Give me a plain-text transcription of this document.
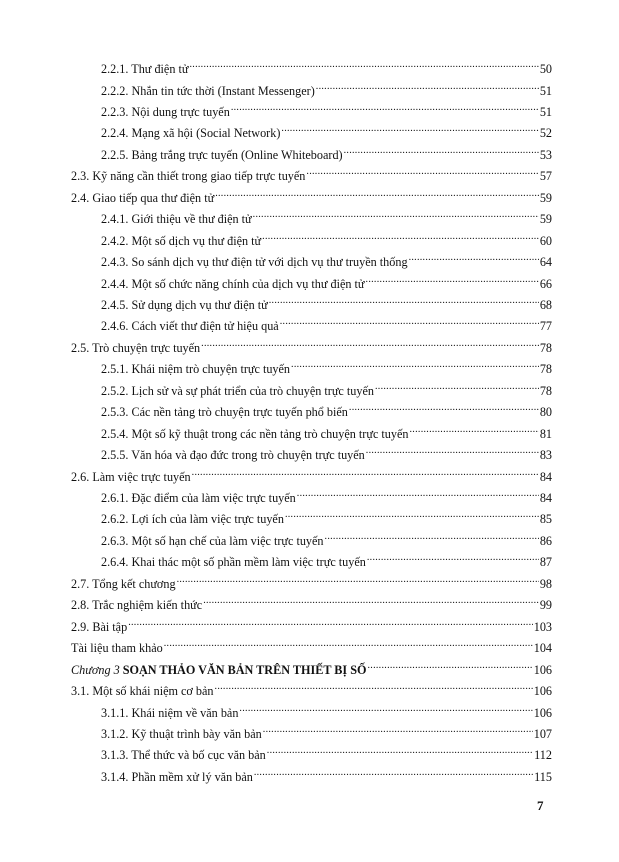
2.2.1. Thư điện tử .....	50
2.2.2. Nhắn tin tức thời (Instant Messenger) .....	51
2.2.3. Nội dung trực tuyến .....	51
2.2.4. Mạng xã hội (Social Network) .....	52
2.2.5. Bảng trắng trực tuyến (Online Whiteboard) .....	53
2.3. Kỹ năng cần thiết trong giao tiếp trực tuyến .....	57
2.4. Giao tiếp qua thư điện tử .....	59
2.4.1. Giới thiệu về thư điện tử .....	59
2.4.2. Một số dịch vụ thư điện tử .....	60
2.4.3. So sánh dịch vụ thư điện tử với dịch vụ thư truyền thống .....	64
2.4.4. Một số chức năng chính của dịch vụ thư điện tử .....	66
2.4.5. Sử dụng dịch vụ thư điện tử .....	68
2.4.6. Cách viết thư điện tử hiệu quả .....	77
2.5. Trò chuyện trực tuyến .....	78
2.5.1. Khái niệm trò chuyện trực tuyến .....	78
2.5.2. Lịch sử và sự phát triển của trò chuyện trực tuyến .....	78
2.5.3. Các nền tảng trò chuyện trực tuyến phổ biến .....	80
2.5.4. Một số kỹ thuật trong các nền tảng trò chuyện trực tuyến .....	81
2.5.5. Văn hóa và đạo đức trong trò chuyện trực tuyến .....	83
2.6. Làm việc trực tuyến .....	84
2.6.1. Đặc điểm của làm việc trực tuyến .....	84
2.6.2. Lợi ích của làm việc trực tuyến .....	85
2.6.3. Một số hạn chế của làm việc trực tuyến .....	86
2.6.4. Khai thác một số phần mềm làm việc trực tuyến .....	87
2.7. Tổng kết chương .....	98
2.8. Trắc nghiệm kiến thức .....	99
2.9. Bài tập .....	103
Tài liệu tham khảo .....	104
Chương 3 SOẠN THẢO VĂN BẢN TRÊN THIẾT BỊ SỐ .....	106
3.1. Một số khái niệm cơ bản .....	106
3.1.1. Khái niệm về văn bản .....	106
3.1.2. Kỹ thuật trình bày văn bản .....	107
3.1.3. Thể thức và bố cục văn bản .....	112
3.1.4. Phần mềm xử lý văn bản .....	115
7
